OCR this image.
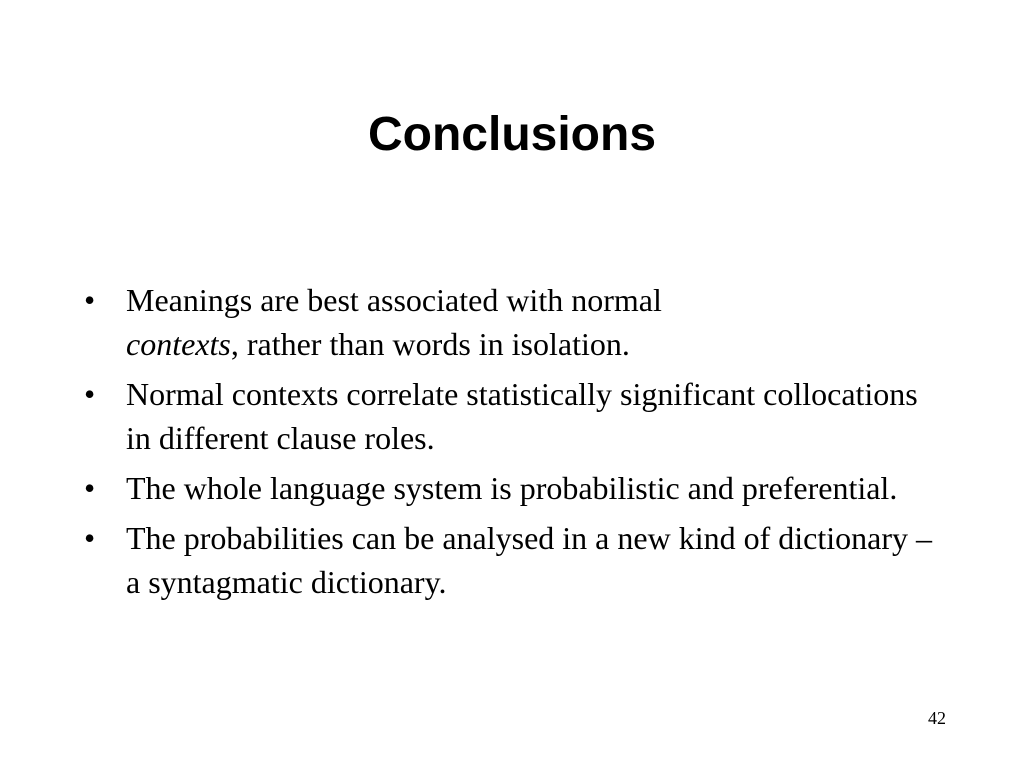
Conclusions
• Meanings are best associated with normal
contexts, rather than words in isolation.
• Normal contexts correlate statistically significant collocations in different clause roles.
• The whole language system is probabilistic and preferential.
• The probabilities can be analysed in a new kind of dictionary – a syntagmatic dictionary.
42
